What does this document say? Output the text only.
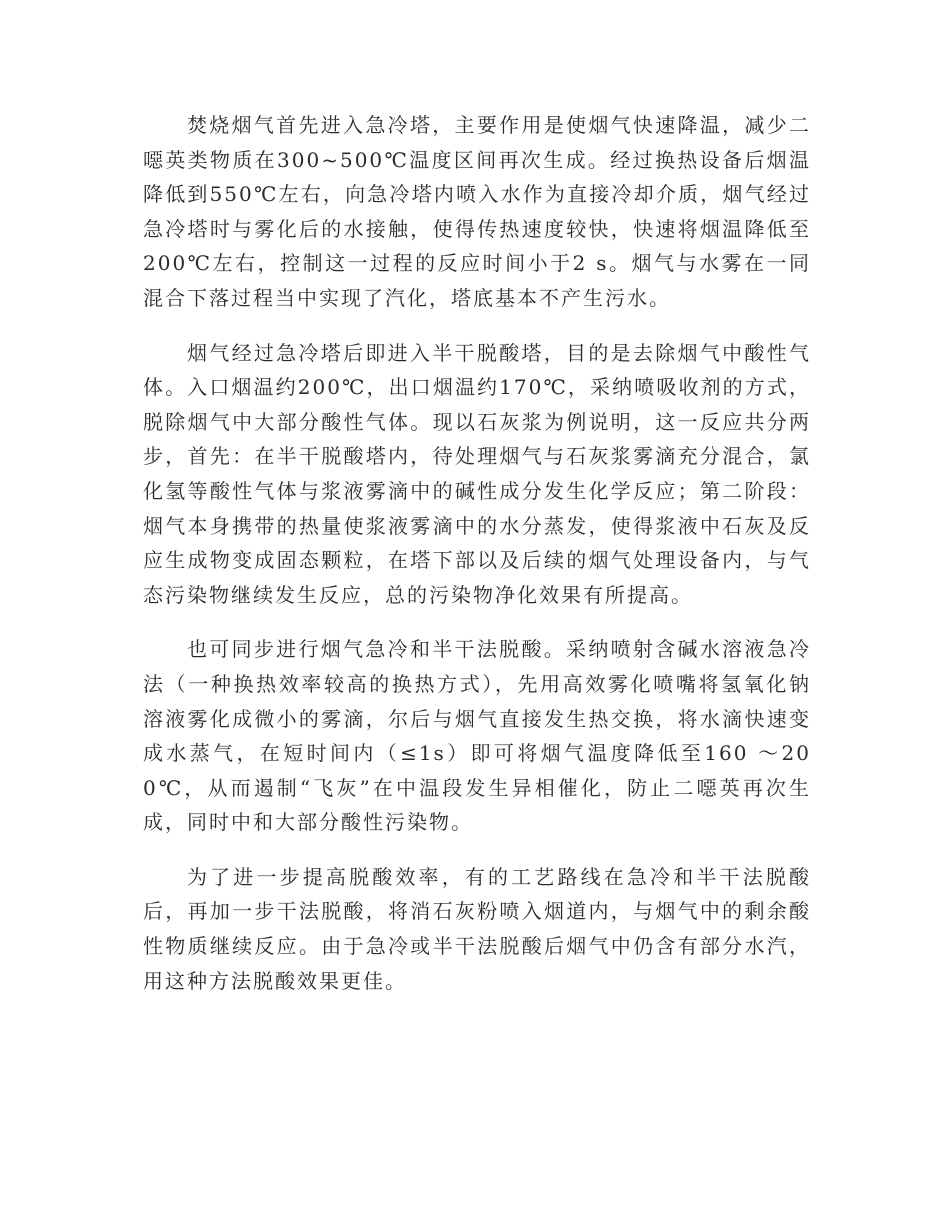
焚烧烟气首先进入急冷塔，主要作用是使烟气快速降温，减少二噁英类物质在300~500℃温度区间再次生成。经过换热设备后烟温降低到550℃左右，向急冷塔内喷入水作为直接冷却介质，烟气经过急冷塔时与雾化后的水接触，使得传热速度较快，快速将烟温降低至200℃左右，控制这一过程的反应时间小于2 s。烟气与水雾在一同混合下落过程当中实现了汽化，塔底基本不产生污水。

烟气经过急冷塔后即进入半干脱酸塔，目的是去除烟气中酸性气体。入口烟温约200℃，出口烟温约170℃，采纳喷吸收剂的方式，脱除烟气中大部分酸性气体。现以石灰浆为例说明，这一反应共分两步，首先：在半干脱酸塔内，待处理烟气与石灰浆雾滴充分混合，氯化氢等酸性气体与浆液雾滴中的碱性成分发生化学反应；第二阶段：烟气本身携带的热量使浆液雾滴中的水分蒸发，使得浆液中石灰及反应生成物变成固态颗粒，在塔下部以及后续的烟气处理设备内，与气态污染物继续发生反应，总的污染物净化效果有所提高。

也可同步进行烟气急冷和半干法脱酸。采纳喷射含碱水溶液急冷法（一种换热效率较高的换热方式），先用高效雾化喷嘴将氢氧化钠溶液雾化成微小的雾滴，尔后与烟气直接发生热交换，将水滴快速变成水蒸气，在短时间内（≤1s）即可将烟气温度降低至160 ～200℃，从而遏制“飞灰”在中温段发生异相催化，防止二噁英再次生成，同时中和大部分酸性污染物。

为了进一步提高脱酸效率，有的工艺路线在急冷和半干法脱酸后，再加一步干法脱酸，将消石灰粉喷入烟道内，与烟气中的剩余酸性物质继续反应。由于急冷或半干法脱酸后烟气中仍含有部分水汽，用这种方法脱酸效果更佳。
